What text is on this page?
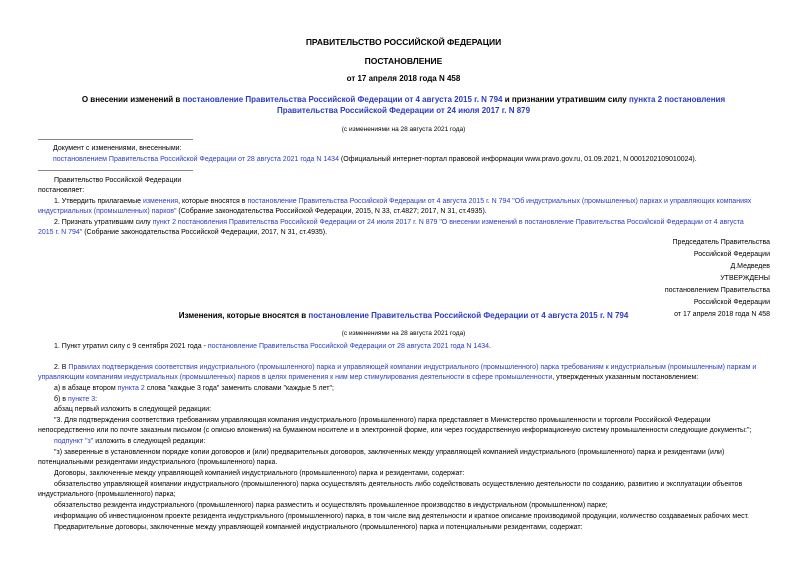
ПРАВИТЕЛЬСТВО РОССИЙСКОЙ ФЕДЕРАЦИИ
ПОСТАНОВЛЕНИЕ
от 17 апреля 2018 года N 458
О внесении изменений в постановление Правительства Российской Федерации от 4 августа 2015 г. N 794 и признании утратившим силу пункта 2 постановления
Правительства Российской Федерации от 24 июля 2017 г. N 879
(с изменениями на 28 августа 2021 года)
Документ с изменениями, внесенными:
постановлением Правительства Российской Федерации от 28 августа 2021 года N 1434 (Официальный интернет-портал правовой информации www.pravo.gov.ru, 01.09.2021, N 0001202109010024).
Правительство Российской Федерации
постановляет:
1. Утвердить прилагаемые изменения, которые вносятся в постановление Правительства Российской Федерации от 4 августа 2015 г. N 794 "Об индустриальных (промышленных) парках и управляющих компаниях
индустриальных (промышленных) парков" (Собрание законодательства Российской Федерации, 2015, N 33, ст.4827; 2017, N 31, ст.4935).
2. Признать утратившим силу пункт 2 постановления Правительства Российской Федерации от 24 июля 2017 г. N 879 "О внесении изменений в постановление Правительства Российской Федерации от 4 августа
2015 г. N 794" (Собрание законодательства Российской Федерации, 2017, N 31, ст.4935).
Председатель Правительства
Российской Федерации
Д.Медведев
УТВЕРЖДЕНЫ
постановлением Правительства
Российской Федерации
от 17 апреля 2018 года N 458
Изменения, которые вносятся в постановление Правительства Российской Федерации от 4 августа 2015 г. N 794
(с изменениями на 28 августа 2021 года)
1. Пункт утратил силу с 9 сентября 2021 года - постановление Правительства Российской Федерации от 28 августа 2021 года N 1434.
2. В Правилах подтверждения соответствия индустриального (промышленного) парка и управляющей компании индустриального (промышленного) парка требованиям к индустриальным (промышленным) паркам и
управляющим компаниям индустриальных (промышленных) парков в целях применения к ним мер стимулирования деятельности в сфере промышленности, утвержденных указанным постановлением:
а) в абзаце втором пункта 2 слова "каждые 3 года" заменить словами "каждые 5 лет";
б) в пункте 3:
абзац первый изложить в следующей редакции:
"3. Для подтверждения соответствия требованиям управляющая компания индустриального (промышленного) парка представляет в Министерство промышленности и торговли Российской Федерации
непосредственно или по почте заказным письмом (с описью вложения) на бумажном носителе и в электронной форме, или через государственную информационную систему промышленности следующие документы:";
подпункт "з" изложить в следующей редакции:
"з) заверенные в установленном порядке копии договоров и (или) предварительных договоров, заключенных между управляющей компанией индустриального (промышленного) парка и резидентами (или)
потенциальными резидентами индустриального (промышленного) парка.
Договоры, заключенные между управляющей компанией индустриального (промышленного) парка и резидентами, содержат:
обязательство управляющей компании индустриального (промышленного) парка осуществлять деятельность либо содействовать осуществлению деятельности по созданию, развитию и эксплуатации объектов
индустриального (промышленного) парка;
обязательство резидента индустриального (промышленного) парка разместить и осуществлять промышленное производство в индустриальном (промышленном) парке;
информацию об инвестиционном проекте резидента индустриального (промышленного) парка, в том числе вид деятельности и краткое описание производимой продукции, количество создаваемых рабочих мест.
Предварительные договоры, заключенные между управляющей компанией индустриального (промышленного) парка и потенциальными резидентами, содержат:
